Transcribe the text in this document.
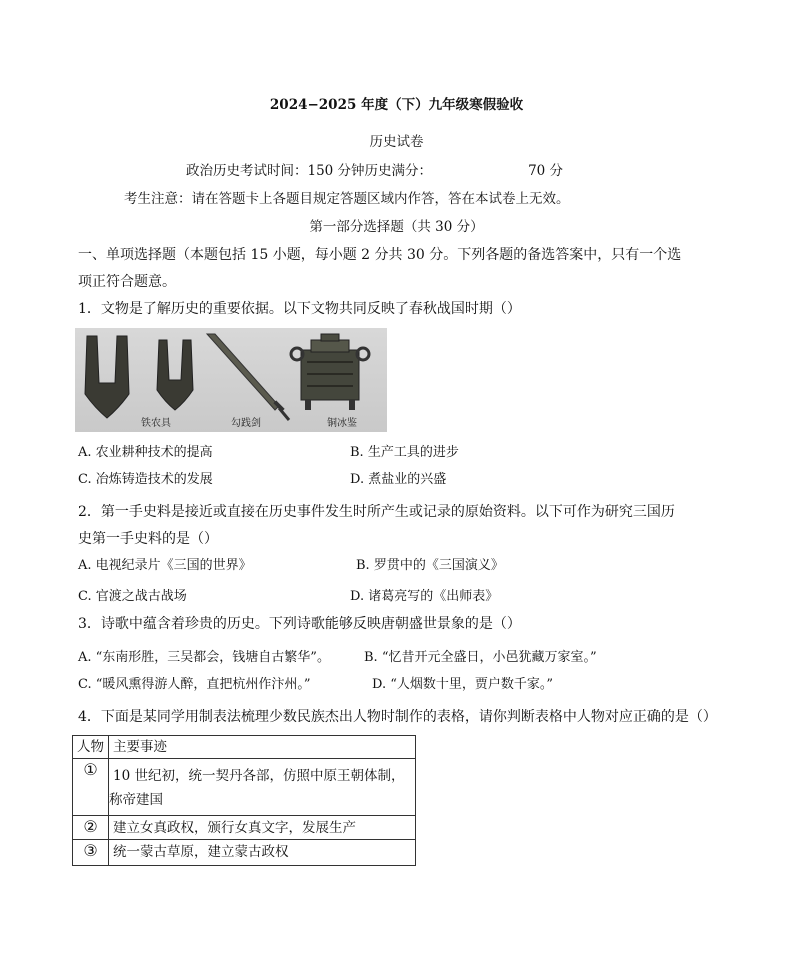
2024−2025 年度（下）九年级寒假验收
历史试卷
政治历史考试时间：150 分钟历史满分：	70 分
考生注意：请在答题卡上各题目规定答题区域内作答，答在本试卷上无效。
第一部分选择题（共 30 分）
一、单项选择题（本题包括 15 小题，每小题 2 分共 30 分。下列各题的备选答案中，只有一个选
项正符合题意。
1．文物是了解历史的重要依据。以下文物共同反映了春秋战国时期（）
铁农具	勾践剑	铜冰鉴
A. 农业耕种技术的提高	B. 生产工具的进步
C. 冶炼铸造技术的发展	D. 煮盐业的兴盛
2．第一手史料是接近或直接在历史事件发生时所产生或记录的原始资料。以下可作为研究三国历
史第一手史料的是（）
A. 电视纪录片《三国的世界》	B. 罗贯中的《三国演义》
C. 官渡之战古战场	D. 诸葛亮写的《出师表》
3．诗歌中蕴含着珍贵的历史。下列诗歌能够反映唐朝盛世景象的是（）
A. “东南形胜，三吴都会，钱塘自古繁华”。	B. “忆昔开元全盛日，小邑犹藏万家室。”
C. “暖风熏得游人醉，直把杭州作汴州。”	D. “人烟数十里，贾户数千家。”
4．下面是某同学用制表法梳理少数民族杰出人物时制作的表格，请你判断表格中人物对应正确的是（）
人物	主要事迹
①	10 世纪初，统一契丹各部，仿照中原王朝体制，
称帝建国

②	建立女真政权，颁行女真文字，发展生产
③	统一蒙古草原，建立蒙古政权
